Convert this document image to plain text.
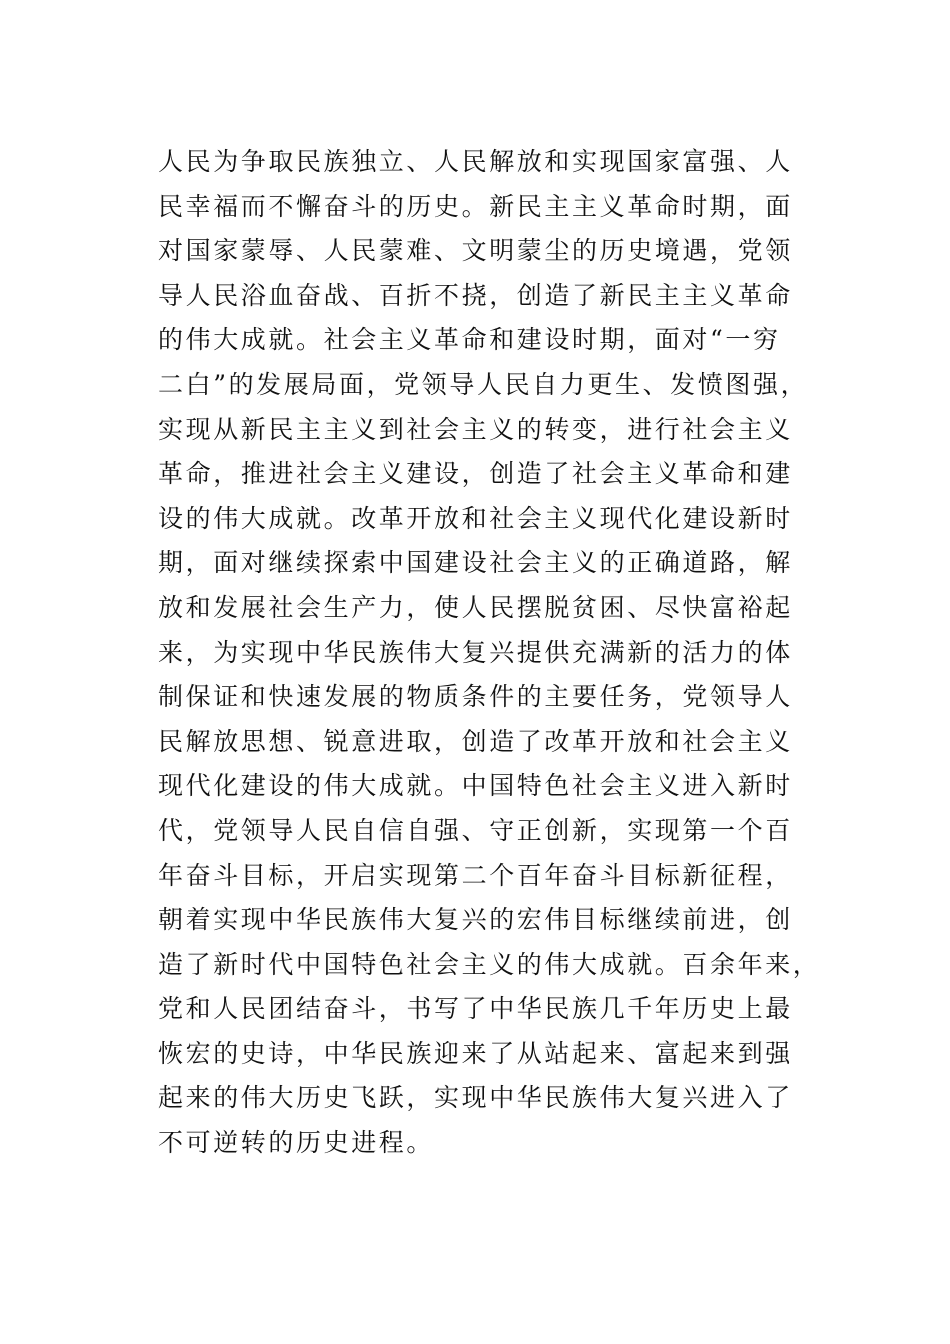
人民为争取民族独立、人民解放和实现国家富强、人
民幸福而不懈奋斗的历史。新民主主义革命时期，面
对国家蒙辱、人民蒙难、文明蒙尘的历史境遇，党领
导人民浴血奋战、百折不挠，创造了新民主主义革命
的伟大成就。社会主义革命和建设时期，面对“一穷
二白”的发展局面，党领导人民自力更生、发愤图强，
实现从新民主主义到社会主义的转变，进行社会主义
革命，推进社会主义建设，创造了社会主义革命和建
设的伟大成就。改革开放和社会主义现代化建设新时
期，面对继续探索中国建设社会主义的正确道路，解
放和发展社会生产力，使人民摆脱贫困、尽快富裕起
来，为实现中华民族伟大复兴提供充满新的活力的体
制保证和快速发展的物质条件的主要任务，党领导人
民解放思想、锐意进取，创造了改革开放和社会主义
现代化建设的伟大成就。中国特色社会主义进入新时
代，党领导人民自信自强、守正创新，实现第一个百
年奋斗目标，开启实现第二个百年奋斗目标新征程，
朝着实现中华民族伟大复兴的宏伟目标继续前进，创
造了新时代中国特色社会主义的伟大成就。百余年来，
党和人民团结奋斗，书写了中华民族几千年历史上最
恢宏的史诗，中华民族迎来了从站起来、富起来到强
起来的伟大历史飞跃，实现中华民族伟大复兴进入了
不可逆转的历史进程。
